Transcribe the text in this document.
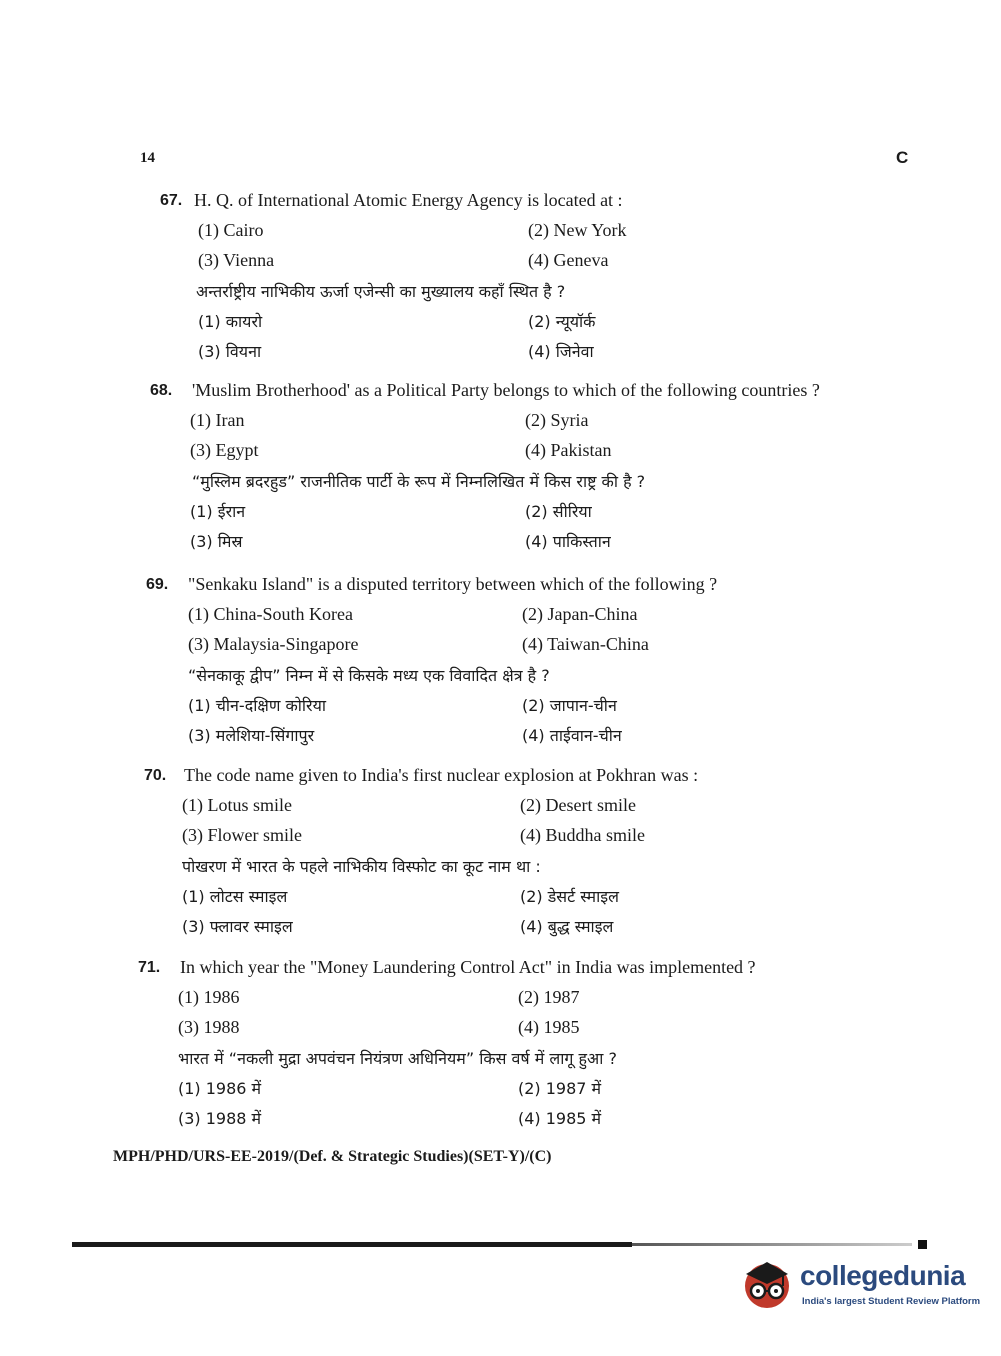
14	C
67. H. Q. of International Atomic Energy Agency is located at :
(1) Cairo	(2) New York
(3) Vienna	(4) Geneva
अन्तर्राष्ट्रीय नाभिकीय ऊर्जा एजेन्सी का मुख्यालय कहाँ स्थित है ?
(1) कायरो	(2) न्यूयॉर्क
(3) वियना	(4) जिनेवा
68. 'Muslim Brotherhood' as a Political Party belongs to which of the following countries ?
(1) Iran	(2) Syria
(3) Egypt	(4) Pakistan
“मुस्लिम ब्रदरहुड” राजनीतिक पार्टी के रूप में निम्नलिखित में किस राष्ट्र की है ?
(1) ईरान	(2) सीरिया
(3) मिस्र	(4) पाकिस्तान
69. "Senkaku Island" is a disputed territory between which of the following ?
(1) China-South Korea	(2) Japan-China
(3) Malaysia-Singapore	(4) Taiwan-China
“सेनकाकू द्वीप” निम्न में से किसके मध्य एक विवादित क्षेत्र है ?
(1) चीन-दक्षिण कोरिया	(2) जापान-चीन
(3) मलेशिया-सिंगापुर	(4) ताईवान-चीन
70. The code name given to India's first nuclear explosion at Pokhran was :
(1) Lotus smile	(2) Desert smile
(3) Flower smile	(4) Buddha smile
पोखरण में भारत के पहले नाभिकीय विस्फोट का कूट नाम था :
(1) लोटस स्माइल	(2) डेसर्ट स्माइल
(3) फ्लावर स्माइल	(4) बुद्ध स्माइल
71. In which year the "Money Laundering Control Act" in India was implemented ?
(1) 1986	(2) 1987
(3) 1988	(4) 1985
भारत में “नकली मुद्रा अपवंचन नियंत्रण अधिनियम” किस वर्ष में लागू हुआ ?
(1) 1986 में	(2) 1987 में
(3) 1988 में	(4) 1985 में
MPH/PHD/URS-EE-2019/(Def. & Strategic Studies)(SET-Y)/(C)
collegedunia
India's largest Student Review Platform
